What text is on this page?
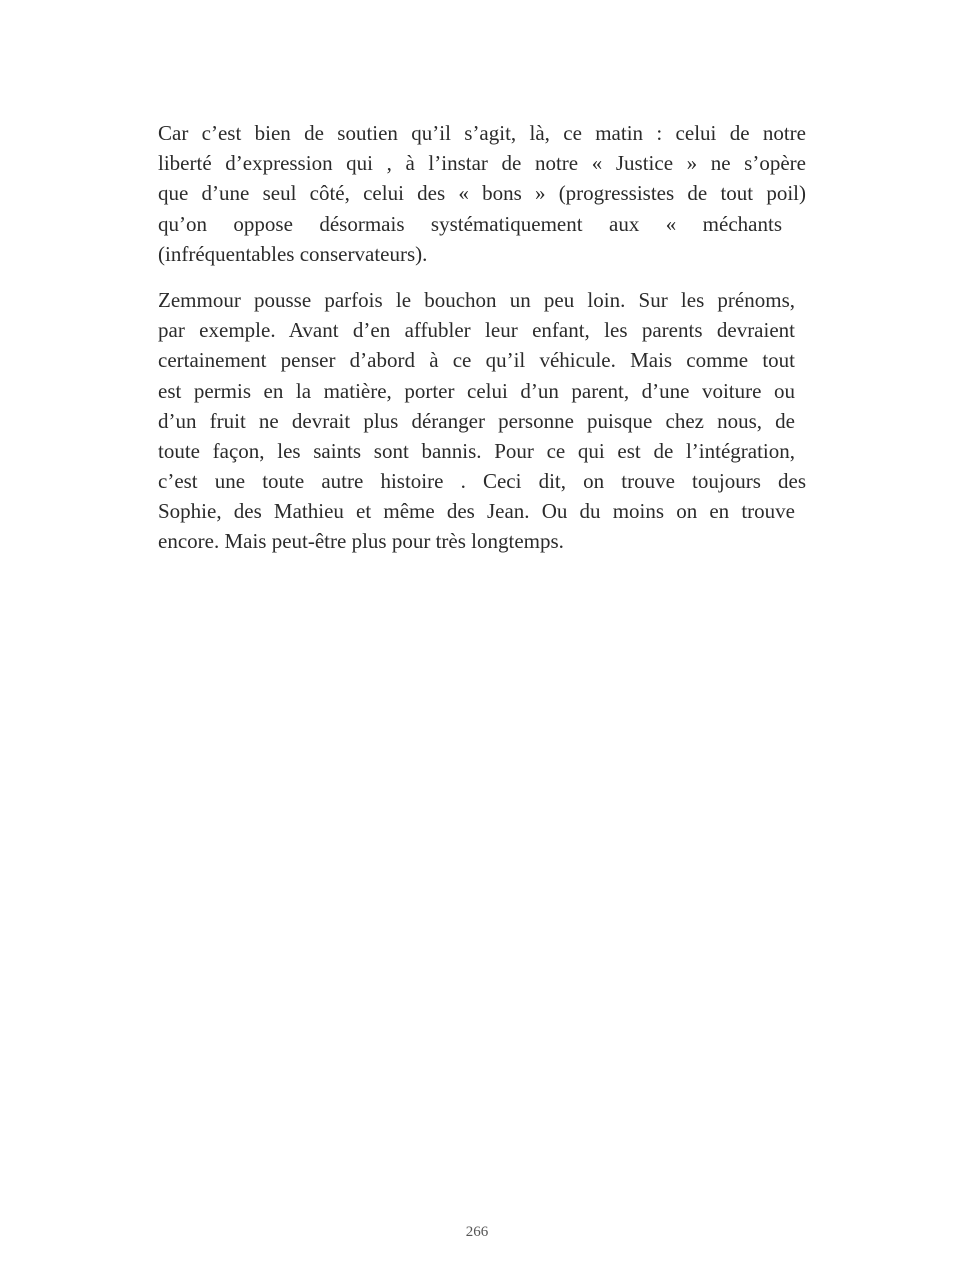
Car c’est bien de soutien qu’il s’agit, là, ce matin : celui de notre
liberté d’expression qui , à l’instar de notre « Justice » ne s’opère
que d’une seul côté, celui des « bons » (progressistes de tout poil)
qu’on oppose désormais systématiquement aux « méchants
(infréquentables conservateurs).

Zemmour pousse parfois le bouchon un peu loin. Sur les prénoms,
par exemple. Avant d’en affubler leur enfant, les parents devraient
certainement penser d’abord à ce qu’il véhicule. Mais comme tout
est permis en la matière, porter celui d’un parent, d’une voiture ou
d’un fruit ne devrait plus déranger personne puisque chez nous, de
toute façon, les saints sont bannis. Pour ce qui est de l’intégration,
c’est une toute autre histoire . Ceci dit, on trouve toujours des
Sophie, des Mathieu et même des Jean. Ou du moins on en trouve
encore. Mais peut-être plus pour très longtemps.

266
